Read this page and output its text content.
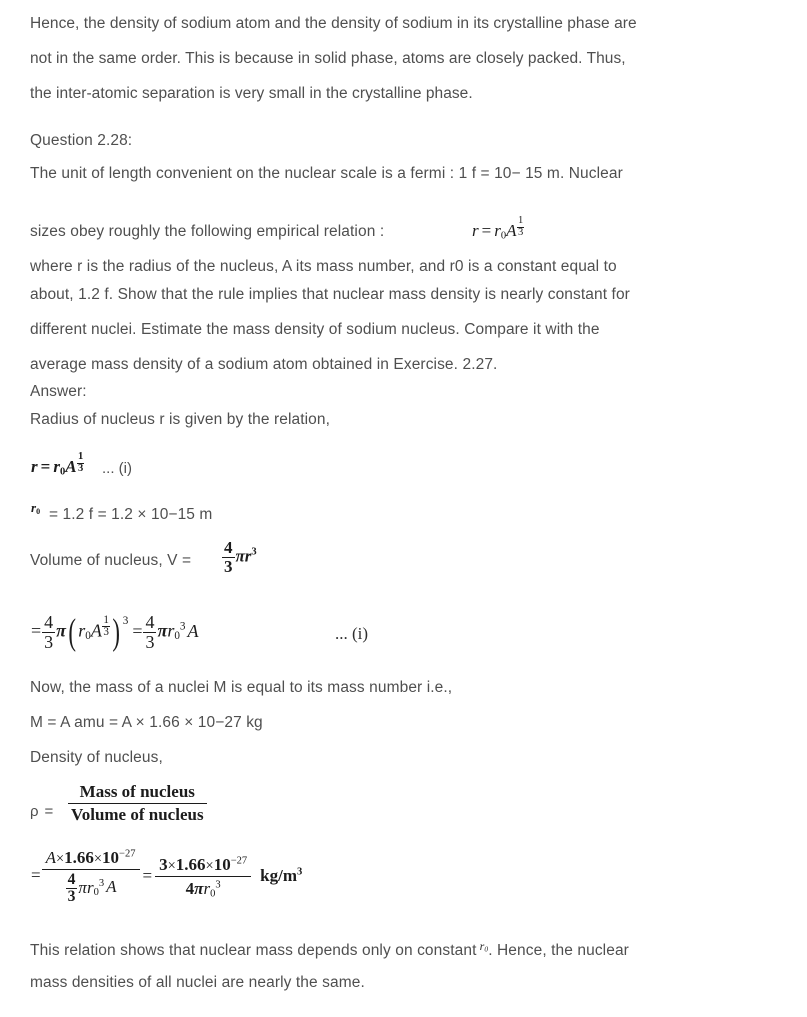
Hence, the density of sodium atom and the density of sodium in its crystalline phase are
not in the same order. This is because in solid phase, atoms are closely packed. Thus,
the inter-atomic separation is very small in the crystalline phase.
Question 2.28:
The unit of length convenient on the nuclear scale is a fermi : 1 f = 10− 15 m. Nuclear
sizes obey roughly the following empirical relation :	$r = r_0A$ $^{\frac{1}{3}}$
where r is the radius of the nucleus, A its mass number, and r0 is a constant equal to
about, 1.2 f. Show that the rule implies that nuclear mass density is nearly constant for
different nuclei. Estimate the mass density of sodium nucleus. Compare it with the
average mass density of a sodium atom obtained in Exercise. 2.27.
Answer:
Radius of nucleus r is given by the relation,
$r = r_0A$ $^{\frac{1}{3}}$ ... (i)
$r_0 = 1.2$ f = 1.2 × 10−15 m
Volume of nucleus, $V = \frac{4}{3} \pi r^3$
= $\frac{4}{3} \pi$( $r_0A$ $^{\frac{1}{3}}$ ) $^3 = \frac{4}{3} \pi r_0^3$ A	... (i)
Now, the mass of a nuclei M is equal to its mass number i.e.,
M = A amu = A × 1.66 × 10−27 kg
Density of nucleus,
ρ =
Mass of nucleus
Volume of nucleus
= $\frac{A\times 1.66\times 10^{-27}}{\frac{4}{3} \pi r_0^3 A} = \frac{3\times 1.66\times 10^{-27}}{4\pi r_0^3} kg/m^3$
This relation shows that nuclear mass depends only on constant $^{r_0}$. Hence, the nuclear
mass densities of all nuclei are nearly the same.
